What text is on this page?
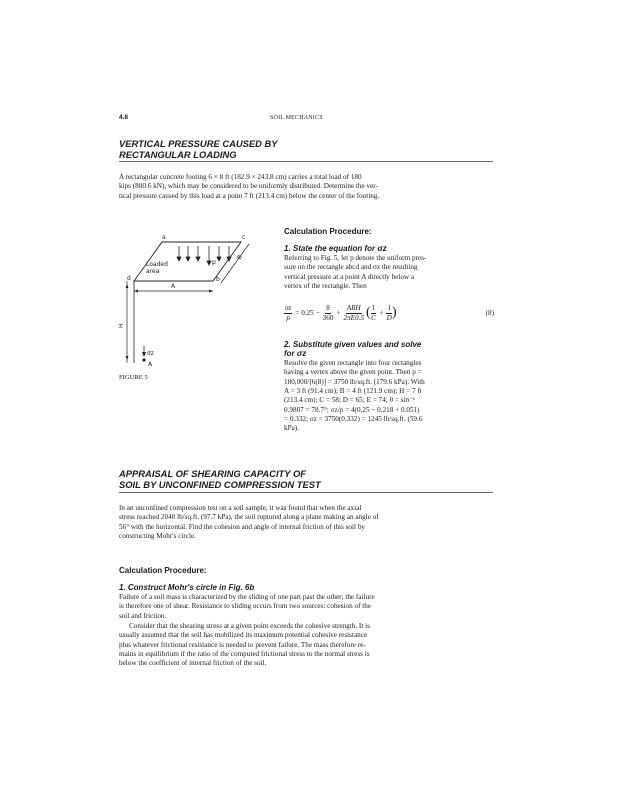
4.8	SOIL MECHANICS
VERTICAL PRESSURE CAUSED BY
RECTANGULAR LOADING
A rectangular concrete footing 6 × 8 ft (182.9 × 243.8 cm) carries a total load of 180
kips (800.6 kN), which may be considered to be uniformly distributed. Determine the ver-
tical pressure caused by this load at a point 7 ft (213.4 cm) below the center of the footing.
a	c
d	b
p
Loaded
area
A
B
H
σz
A
FIGURE 5
Calculation Procedure:
1. State the equation for σz
Referring to Fig. 5, let p denote the uniform pres-
sure on the rectangle abcd and σz the resulting
vertical pressure at a point A directly below a
vertex of the rectangle. Then
$\frac{\sigma z}{p} = 0.25 - \frac{\theta}{360} + \frac{\text{ABH}}{2\pi E0.5}$ ( $\frac{1}{C} + \frac{1}{D}$ )	(8)
2. Substitute given values and solve
for σz
Resolve the given rectangle into four rectangles
having a vertex above the given point. Then p =
180,000/[6(8)] = 3750 lb/sq.ft. (179.6 kPa). With
A = 3 ft (91.4 cm); B = 4 ft (121.9 cm); H = 7 ft
(213.4 cm); C = 58; D = 65; E = 74; θ = sin⁻¹
0.9807 = 78.7°; σz/p = 4(0.25 − 0.218 + 0.051)
= 0.332; σz = 3750(0.332) = 1245 lb/sq.ft. (59.6
kPa).
APPRAISAL OF SHEARING CAPACITY OF
SOIL BY UNCONFINED COMPRESSION TEST
In an unconfined compression test on a soil sample, it was found that when the axial
stress reached 2040 lb/sq.ft. (97.7 kPa), the soil ruptured along a plane making an angle of
56° with the horizontal. Find the cohesion and angle of internal friction of this soil by
constructing Mohr's circle.
Calculation Procedure:
1. Construct Mohr's circle in Fig. 6b
Failure of a soil mass is characterized by the sliding of one part past the other; the failure
is therefore one of shear. Resistance to sliding occurs from two sources: cohesion of the
soil and friction.
Consider that the shearing stress at a given point exceeds the cohesive strength. It is
usually assumed that the soil has mobilized its maximum potential cohesive resistance
plus whatever frictional resistance is needed to prevent failure. The mass therefore re-
mains in equilibrium if the ratio of the computed frictional stress to the normal stress is
below the coefficient of internal friction of the soil.
